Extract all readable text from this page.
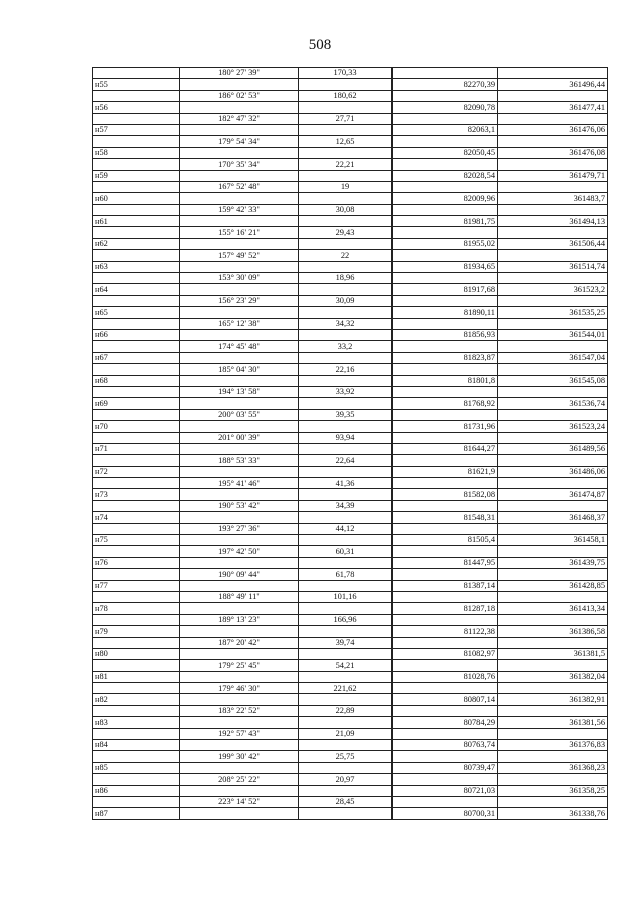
508
	180° 27' 39"	170,33		
н55			82270,39	361496,44
	186° 02' 53"	180,62		
н56			82090,78	361477,41
	182° 47' 32"	27,71		
н57			82063,1	361476,06
	179° 54' 34"	12,65		
н58			82050,45	361476,08
	170° 35' 34"	22,21		
н59			82028,54	361479,71
	167° 52' 48"	19		
н60			82009,96	361483,7
	159° 42' 33"	30,08		
н61			81981,75	361494,13
	155° 16' 21"	29,43		
н62			81955,02	361506,44
	157° 49' 52"	22		
н63			81934,65	361514,74
	153° 30' 09"	18,96		
н64			81917,68	361523,2
	156° 23' 29"	30,09		
н65			81890,11	361535,25
	165° 12' 38"	34,32		
н66			81856,93	361544,01
	174° 45' 48"	33,2		
н67			81823,87	361547,04
	185° 04' 30"	22,16		
н68			81801,8	361545,08
	194° 13' 58"	33,92		
н69			81768,92	361536,74
	200° 03' 55"	39,35		
н70			81731,96	361523,24
	201° 00' 39"	93,94		
н71			81644,27	361489,56
	188° 53' 33"	22,64		
н72			81621,9	361486,06
	195° 41' 46"	41,36		
н73			81582,08	361474,87
	190° 53' 42"	34,39		
н74			81548,31	361468,37
	193° 27' 36"	44,12		
н75			81505,4	361458,1
	197° 42' 50"	60,31		
н76			81447,95	361439,75
	190° 09' 44"	61,78		
н77			81387,14	361428,85
	188° 49' 11"	101,16		
н78			81287,18	361413,34
	189° 13' 23"	166,96		
н79			81122,38	361386,58
	187° 20' 42"	39,74		
н80			81082,97	361381,5
	179° 25' 45"	54,21		
н81			81028,76	361382,04
	179° 46' 30"	221,62		
н82			80807,14	361382,91
	183° 22' 52"	22,89		
н83			80784,29	361381,56
	192° 57' 43"	21,09		
н84			80763,74	361376,83
	199° 30' 42"	25,75		
н85			80739,47	361368,23
	208° 25' 22"	20,97		
н86			80721,03	361358,25
	223° 14' 52"	28,45		
н87			80700,31	361338,76
